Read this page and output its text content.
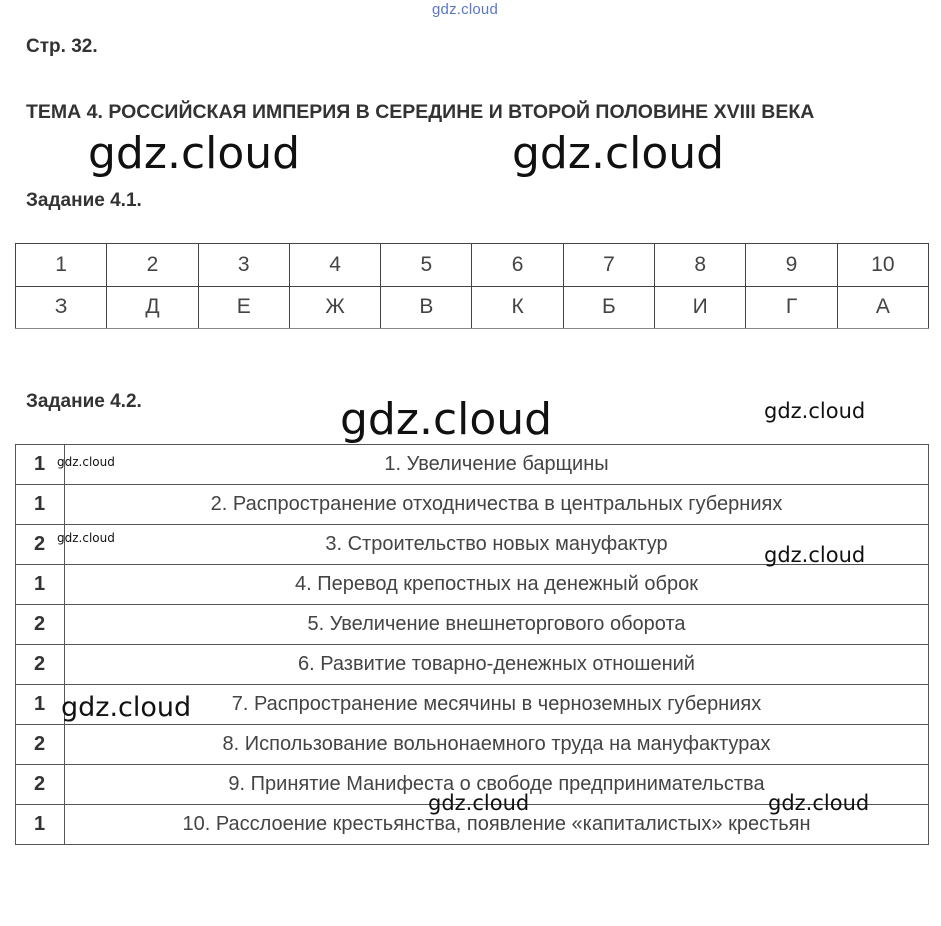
gdz.cloud
Стр. 32.
ТЕМА 4. РОССИЙСКАЯ ИМПЕРИЯ В СЕРЕДИНЕ И ВТОРОЙ ПОЛОВИНЕ XVIII ВЕКА
Задание 4.1.
1	2	3	4	5	6	7	8	9	10
З	Д	Е	Ж	В	К	Б	И	Г	А
Задание 4.2.
1	1. Увеличение барщины
1	2. Распространение отходничества в центральных губерниях
2	3. Строительство новых мануфактур
1	4. Перевод крепостных на денежный оброк
2	5. Увеличение внешнеторгового оборота
2	6. Развитие товарно-денежных отношений
1	7. Распространение месячины в черноземных губерниях
2	8. Использование вольнонаемного труда на мануфактурах
2	9. Принятие Манифеста о свободе предпринимательства
1	10. Расслоение крестьянства, появление «капиталистых» крестьян
gdz.cloud	gdz.cloud
gdz.cloud	gdz.cloud
gdz.cloud
gdz.cloud
gdz.cloud
gdz.cloud
gdz.cloud	gdz.cloud
